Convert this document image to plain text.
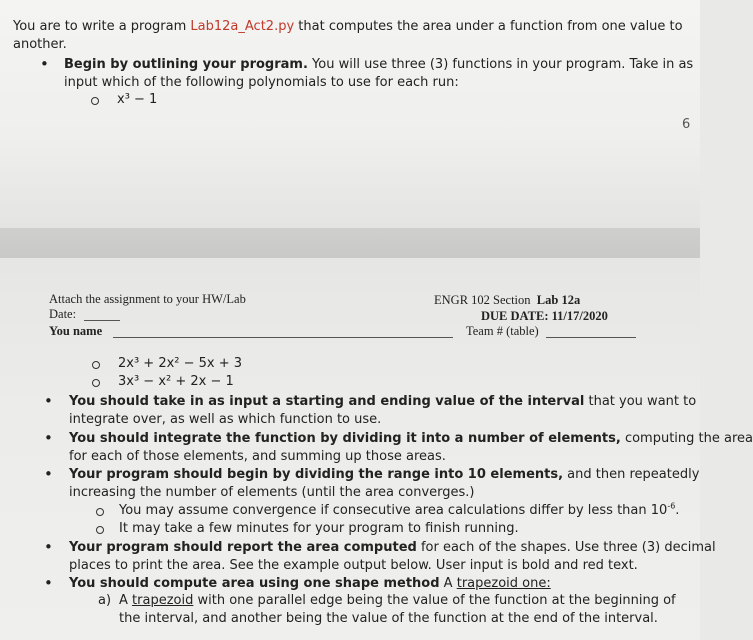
You are to write a program Lab12a_Act2.py that computes the area under a function from one value to
another.
• Begin by outlining your program. You will use three (3) functions in your program. Take in as
input which of the following polynomials to use for each run:
x³ − 1
6
Attach the assignment to your HW/Lab
Date:
You name
ENGR 102 Section Lab 12a
DUE DATE: 11/17/2020
Team # (table)
2x³ + 2x² − 5x + 3
3x³ − x² + 2x − 1
• You should take in as input a starting and ending value of the interval that you want to
integrate over, as well as which function to use.
• You should integrate the function by dividing it into a number of elements, computing the area
for each of those elements, and summing up those areas.
• Your program should begin by dividing the range into 10 elements, and then repeatedly
increasing the number of elements (until the area converges.)
You may assume convergence if consecutive area calculations differ by less than $10^{-6}$.
It may take a few minutes for your program to finish running.
• Your program should report the area computed for each of the shapes. Use three (3) decimal
places to print the area. See the example output below. User input is bold and red text.
• You should compute area using one shape method A trapezoid one:
a) A trapezoid with one parallel edge being the value of the function at the beginning of
the interval, and another being the value of the function at the end of the interval.
